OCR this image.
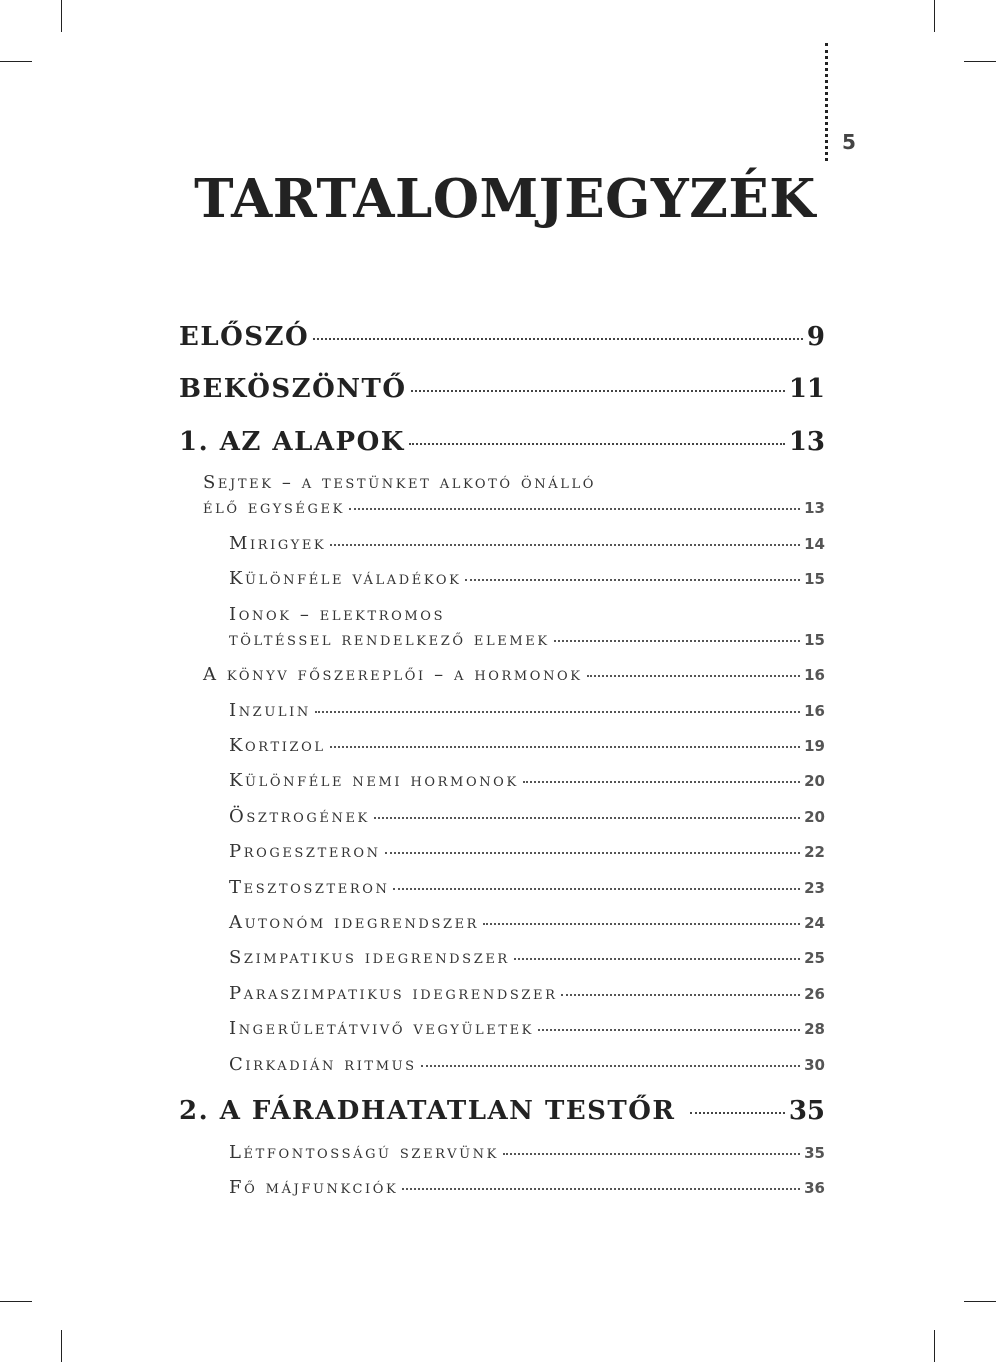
5
TARTALOMJEGYZÉK
ELŐSZÓ	9
BEKÖSZÖNTŐ	11
1. AZ ALAPOK	13
Sejtek – a testünket alkotó önálló
élő egységek	13
Mirigyek	14
Különféle váladékok	15
Ionok – elektromos
töltéssel rendelkező elemek	15
A könyv főszereplői – a hormonok	16
Inzulin	16
Kortizol	19
Különféle nemi hormonok	20
Ösztrogének	20
Progeszteron	22
Tesztoszteron	23
Autonóm idegrendszer	24
Szimpatikus idegrendszer	25
Paraszimpatikus idegrendszer	26
Ingerületátvivő vegyületek	28
Cirkadián ritmus	30
2. A FÁRADHATATLAN TESTŐR	35
Létfontosságú szervünk	35
Fő májfunkciók	36
